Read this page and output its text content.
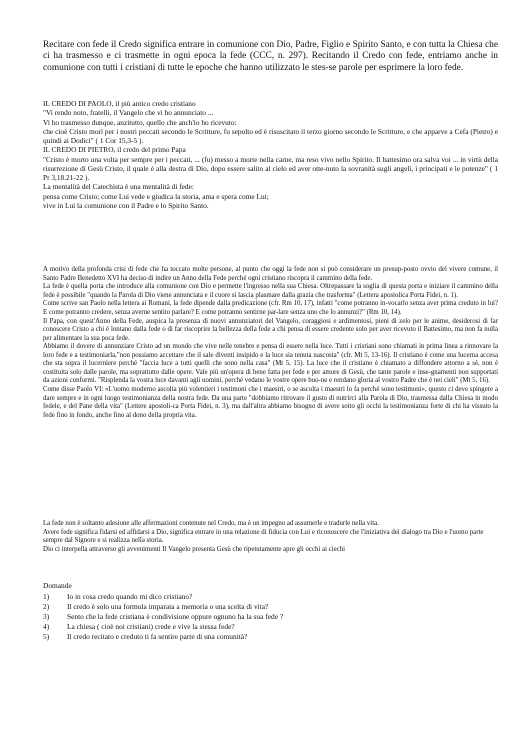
Recitare con fede il Credo significa entrare in comunione con Dio, Padre, Figlio e Spirito Santo, e con tutta la Chiesa che ci ha trasmesso e ci trasmette in ogni epoca la fede (CCC, n. 297). Recitando il Credo con fede, entriamo anche in comunione con tutti i cristiani di tutte le epoche che hanno utilizzato le stes-se parole per esprimere la loro fede.

IL CREDO DI PAOLO, il più antico credo cristiano
"Vi rendo noto, fratelli, il Vangelo che vi ho annunciato ...
Vi ho trasmesso dunque, anzitutto, quello che anch'io ho ricevuto:
che cioè Cristo morì per i nostri peccati secondo le Scritture, fu sepolto ed è risuscitato il terzo giorno secondo le Scritture, e che apparve a Cefa (Pietro) e quindi ai Dodici" ( 1 Cor 15,3-5 ).
IL CREDO DI PIETRO, il credo del primo Papa
"Cristo è morto una volta per sempre per i peccati, ... (fu) messo a morte nella carne, ma reso vivo nello Spirito. Il battesimo ora salva voi ... in virtù della risurrezione di Gesù Cristo, il quale è alla destra di Dio, dopo essere salito al cielo ed aver otte-nuto la sovranità sugli angeli, i principati e le potenze" ( 1 Pr 3,18.21-22 ).
La mentalità del Catechista è una mentalità di fede:
pensa come Cristo; come Lui vede e giudica la storia, ama e spera come Lui;
vive in Lui la comunione con il Padre e lo Spirito Santo.

A motivo della profonda crisi di fede che ha toccato molte persone, al punto che oggi la fede non si può considerare un presup-posto ovvio del vivere comune, il Santo Padre Benedetto XVI ha deciso di indire un Anno della Fede perché ogni cristiano riscopra il cammino della fede.

La fede è quella porta che introduce alla comunione con Dio e permette l'ingresso nella sua Chiesa. Oltrepassare la soglia di questa porta e iniziare il cammino della fede è possibile "quando la Parola di Dio viene annunciata e il cuore si lascia plasmare dalla grazia che trasforma" (Lettera apostolica Porta Fidei, n. 1).

Come scrive san Paolo nella lettera ai Romani, la fede dipende dalla predicazione (cfr. Rm 10, 17), infatti "come potranno in-vocarlo senza aver prima creduto in lui? E come potranno credere, senza averne sentito parlare? E come potranno sentirne par-lare senza uno che lo annunzi?" (Rm 10, 14).

Il Papa, con quest'Anno della Fede, auspica la presenza di nuovi annunziatori del Vangelo, coraggiosi e ardimentosi, pieni di zelo per le anime, desiderosi di far conoscere Cristo a chi è lontano dalla fede o di far riscoprire la bellezza della fede a chi pensa di essere credente solo per aver ricevuto il Battesimo, ma non fa nulla per alimentare la sua poca fede.

Abbiamo il dovere di annunziare Cristo ad un mondo che vive nelle tenebre e pensa di essere nella luce. Tutti i cristiani sono chiamati in prima linea a rinnovare la loro fede e a testimoniarla,"non possiamo accettare che il sale diventi insipido e la luce sia tenuta nascosta" (cfr. Mt 5, 13-16). Il cristiano è come una lucerna accesa che sta sopra il lucerniere perché "faccia luce a tutti quelli che sono nella casa" (Mt 5, 15). La luce che il cristiano è chiamato a diffondere attorno a sé, non è costituita solo dalle parole, ma soprattutto dalle opere. Vale più un'opera di bene fatta per fede e per amore di Gesù, che tante parole e inse-gnamenti non supportati da azioni conformi. "Risplenda la vostra luce davanti agli uomini, perché vedano le vostre opere buo-ne e rendano gloria al vostro Padre che è nei cieli" (Mt 5, 16).

Come disse Paolo VI: «L'uomo moderno ascolta più volentieri i testimoni che i maestri, o se ascolta i maestri lo fa perché sono testimoni», questo ci deve spingere a dare sempre e in ogni luogo testimonianza della nostra fede. Da una parte "dobbiamo ritrovare il gusto di nutrirci alla Parola di Dio, trasmessa dalla Chiesa in modo fedele, e del Pane della vita" (Lettere apostoli-ca Porta Fidei, n. 3), ma dall'altra abbiamo bisogno di avere sotto gli occhi la testimonianza forte di chi ha vissuto la fede fino in fondo, anche fino al dono della propria vita.

La fede non è soltanto adesione alle affermazioni contenute nel Credo, ma è un impegno ad assumerle e tradurle nella vita.

Avere fede significa fidarsi ed affidarsi a Dio, significa entrare in una relazione di fiducia con Lui e riconoscere che l'iniziativa dei dialogo tra Dio e l'uomo parte sempre dal Signore e si realizza nella storia.

Dio ci interpella attraverso gli avvenimenti Il Vangelo presenta Gesù che ripetutamente apre gli occhi ai ciechi

Domande
1)	Io in cosa credo quando mi dico cristiano?
2)	Il credo è solo una formula imparata a memoria o una scelta di vita?
3)	Sento che la fede cristiana è condivisione oppure ognuno ha la sua fede ?
4)	La chiesa ( cioè noi cristiani) crede e vive la stessa fede?
5)	Il credo recitato e creduto ti fa sentire parte di una comunità?
